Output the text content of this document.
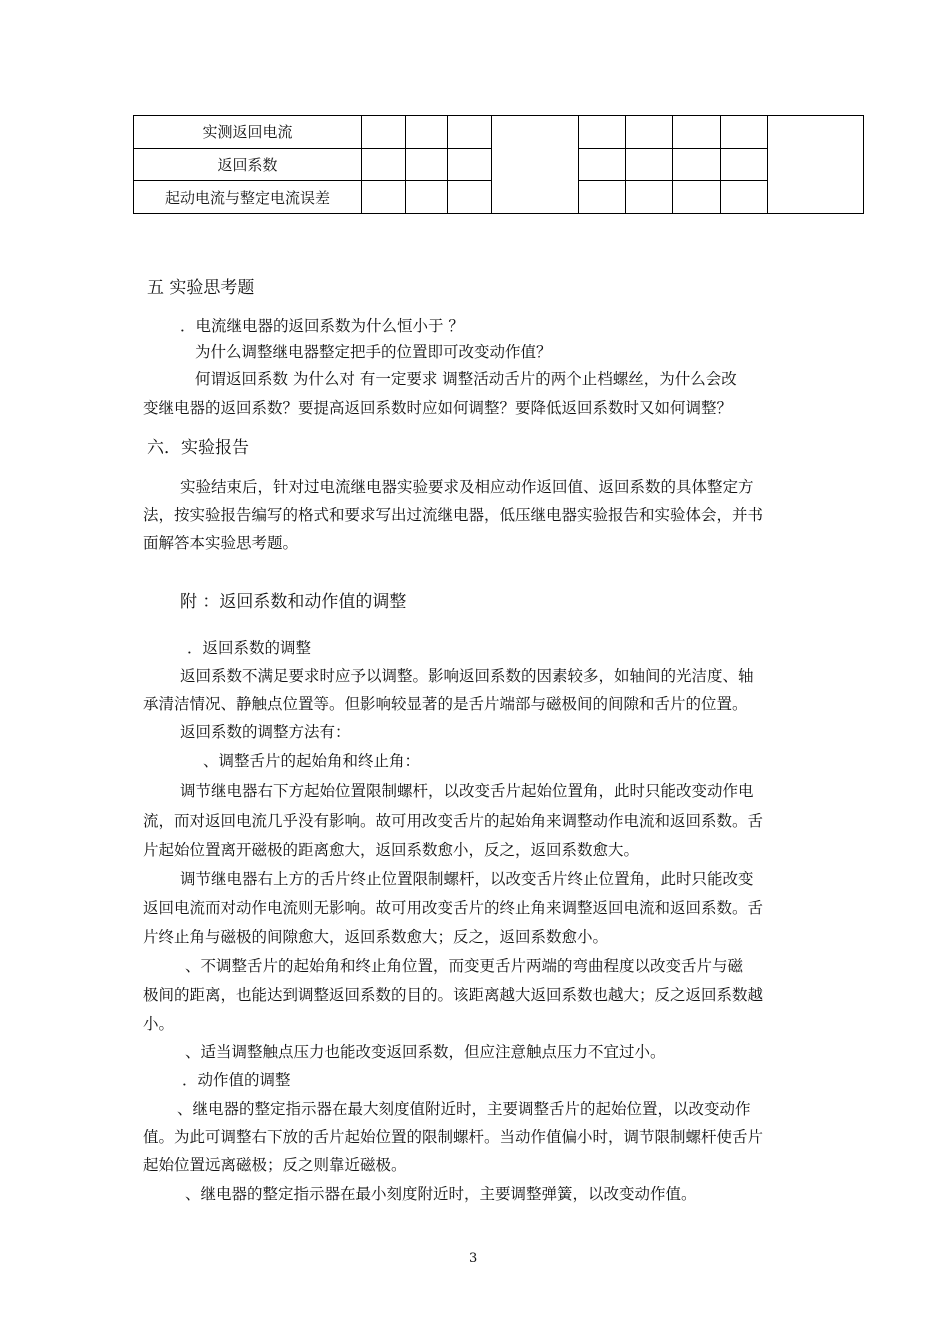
实测返回电流									
返回系数									
起动电流与整定电流误差									
五 实验思考题
．电流继电器的返回系数为什么恒小于 ？
为什么调整继电器整定把手的位置即可改变动作值？
何谓返回系数 为什么对 有一定要求 调整活动舌片的两个止档螺丝，为什么会改
变继电器的返回系数？要提高返回系数时应如何调整？要降低返回系数时又如何调整？
六．实验报告
实验结束后，针对过电流继电器实验要求及相应动作返回值、返回系数的具体整定方
法，按实验报告编写的格式和要求写出过流继电器，低压继电器实验报告和实验体会，并书
面解答本实验思考题。
附 ：返回系数和动作值的调整
．返回系数的调整
返回系数不满足要求时应予以调整。影响返回系数的因素较多，如轴间的光洁度、轴
承清洁情况、静触点位置等。但影响较显著的是舌片端部与磁极间的间隙和舌片的位置。
返回系数的调整方法有：
、调整舌片的起始角和终止角：
调节继电器右下方起始位置限制螺杆，以改变舌片起始位置角，此时只能改变动作电
流，而对返回电流几乎没有影响。故可用改变舌片的起始角来调整动作电流和返回系数。舌
片起始位置离开磁极的距离愈大，返回系数愈小，反之，返回系数愈大。
调节继电器右上方的舌片终止位置限制螺杆，以改变舌片终止位置角，此时只能改变
返回电流而对动作电流则无影响。故可用改变舌片的终止角来调整返回电流和返回系数。舌
片终止角与磁极的间隙愈大，返回系数愈大；反之，返回系数愈小。
、不调整舌片的起始角和终止角位置，而变更舌片两端的弯曲程度以改变舌片与磁
极间的距离，也能达到调整返回系数的目的。该距离越大返回系数也越大；反之返回系数越
小。
、适当调整触点压力也能改变返回系数，但应注意触点压力不宜过小。
．动作值的调整
、继电器的整定指示器在最大刻度值附近时，主要调整舌片的起始位置，以改变动作
值。为此可调整右下放的舌片起始位置的限制螺杆。当动作值偏小时，调节限制螺杆使舌片
起始位置远离磁极；反之则靠近磁极。
、继电器的整定指示器在最小刻度附近时，主要调整弹簧，以改变动作值。
3
